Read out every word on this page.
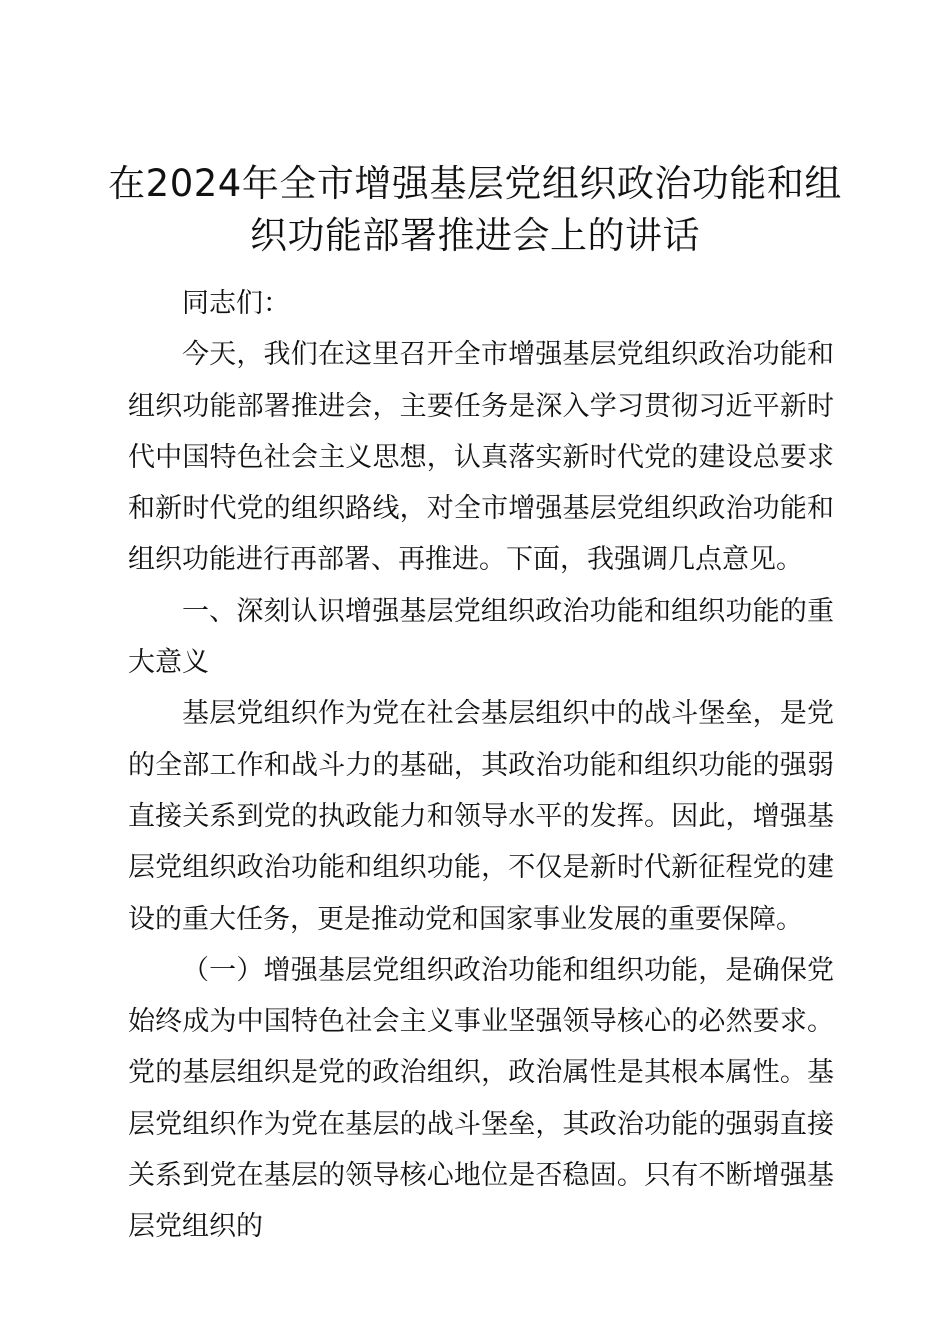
在2024年全市增强基层党组织政治功能和组织功能部署推进会上的讲话

同志们：

今天，我们在这里召开全市增强基层党组织政治功能和组织功能部署推进会，主要任务是深入学习贯彻习近平新时代中国特色社会主义思想，认真落实新时代党的建设总要求和新时代党的组织路线，对全市增强基层党组织政治功能和组织功能进行再部署、再推进。下面，我强调几点意见。

一、深刻认识增强基层党组织政治功能和组织功能的重大意义

基层党组织作为党在社会基层组织中的战斗堡垒，是党的全部工作和战斗力的基础，其政治功能和组织功能的强弱直接关系到党的执政能力和领导水平的发挥。因此，增强基层党组织政治功能和组织功能，不仅是新时代新征程党的建设的重大任务，更是推动党和国家事业发展的重要保障。

（一）增强基层党组织政治功能和组织功能，是确保党始终成为中国特色社会主义事业坚强领导核心的必然要求。党的基层组织是党的政治组织，政治属性是其根本属性。基层党组织作为党在基层的战斗堡垒，其政治功能的强弱直接关系到党在基层的领导核心地位是否稳固。只有不断增强基层党组织的
